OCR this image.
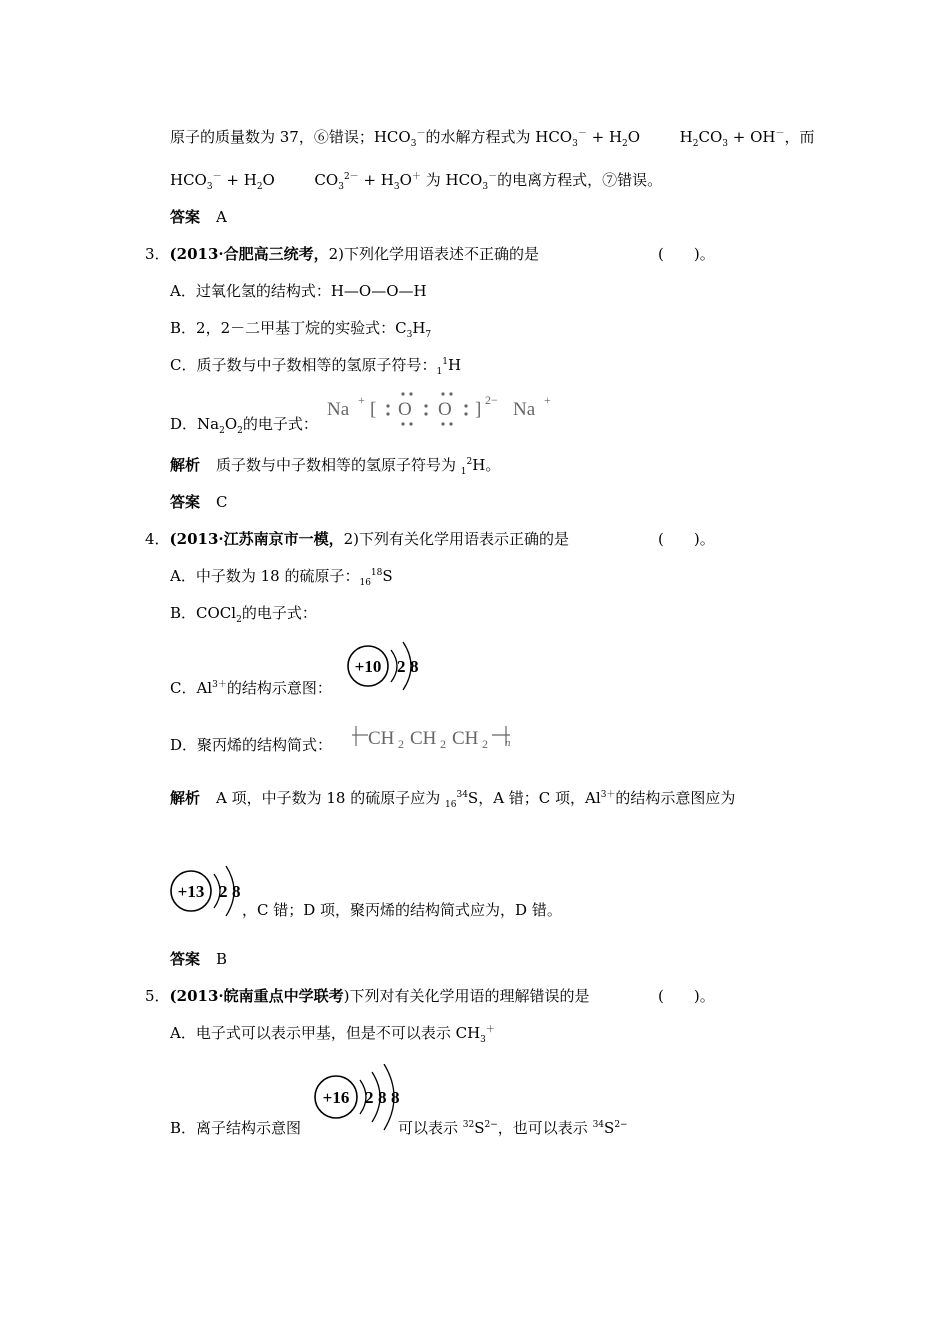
原子的质量数为 37，⑥错误；$HCO_3^-$的水解方程式为 $HCO_3^- + H_2O$	$H_2CO_3 + OH^-$，而
$HCO_3^- + H_2O$	$CO_3^{2-} + H_3O^+$ 为 $HCO_3^-$的电离方程式，⑦错误。
答案 A
3．(2013·合肥高三统考，2)下列化学用语表述不正确的是	(　　)。
A．过氧化氢的结构式：H—O—O—H
B．2，2－二甲基丁烷的实验式：$C_3H_7$
C．质子数与中子数相等的氢原子符号：$_1^1$H
D．$Na_2O_2$的电子式：
Na + [ O O ] 2− Na +
解析 质子数与中子数相等的氢原子符号为 $_1^2$H。
答案 C
4．(2013·江苏南京市一模，2)下列有关化学用语表示正确的是	(　　)。
A．中子数为 18 的硫原子：$_{16}^{18}$S
B．COCl$_2$的电子式：
C．$Al^{3+}$的结构示意图：
+10 2 8
D．聚丙烯的结构简式： CH 2 CH 2 CH 2 n
解析 A 项，中子数为 18 的硫原子应为 $_{16}^{34}$S，A 错；C 项，$Al^{3+}$的结构示意图应为
+13 2 8
，C 错；D 项，聚丙烯的结构简式应为，D 错。
答案 B
5．(2013·皖南重点中学联考)下列对有关化学用语的理解错误的是	(　　)。
A．电子式可以表示甲基，但是不可以表示 $CH_3^+$
+16 2 8 8
B．离子结构示意图	可以表示 $^{32}S^{2-}$，也可以表示 $^{34}S^{2-}$
